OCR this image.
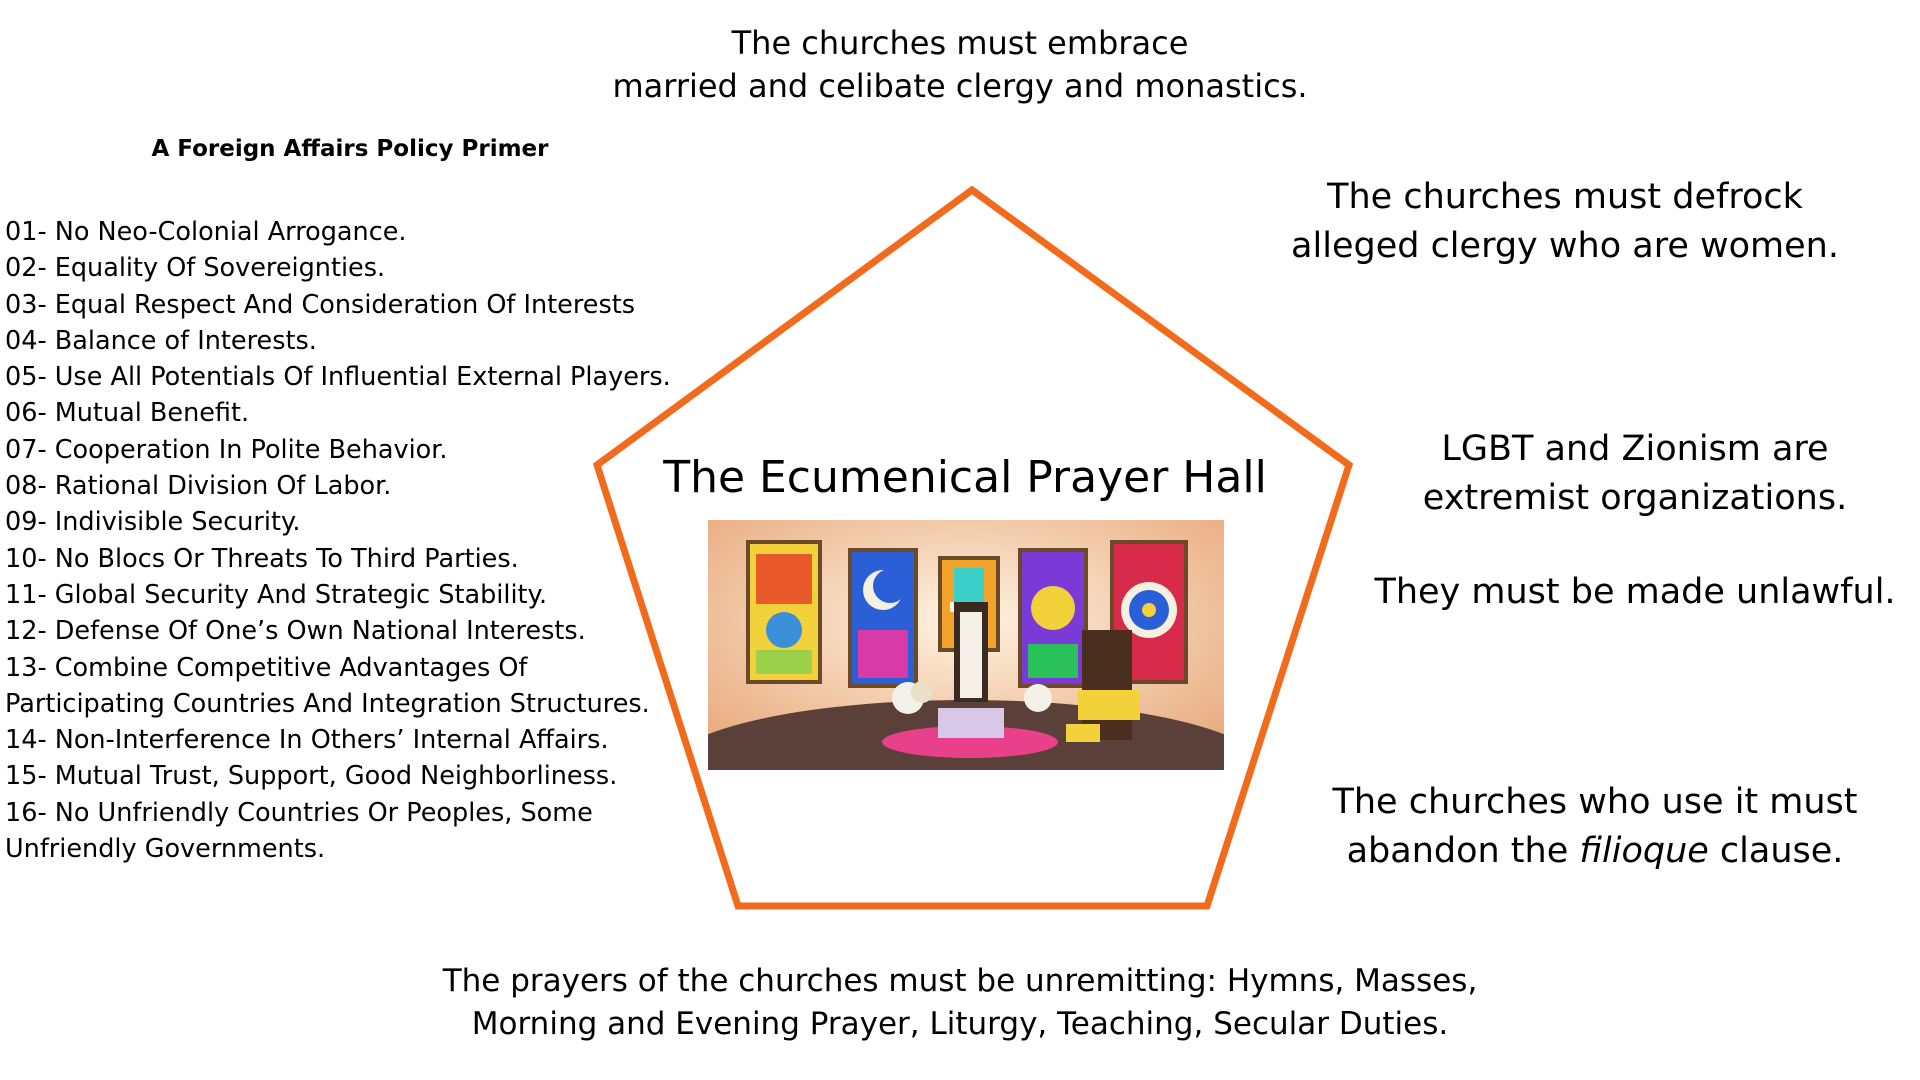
The churches must embrace
married and celibate clergy and monastics.
A Foreign Affairs Policy Primer
01- No Neo-Colonial Arrogance.
02- Equality Of Sovereignties.
03- Equal Respect And Consideration Of Interests
04- Balance of Interests.
05- Use All Potentials Of Influential External Players.
06- Mutual Benefit.
07- Cooperation In Polite Behavior.
08- Rational Division Of Labor.
09- Indivisible Security.
10- No Blocs Or Threats To Third Parties.
11- Global Security And Strategic Stability.
12- Defense Of One’s Own National Interests.
13- Combine Competitive Advantages Of
Participating Countries And Integration Structures.
14- Non-Interference In Others’ Internal Affairs.
15- Mutual Trust, Support, Good Neighborliness.
16- No Unfriendly Countries Or Peoples, Some
Unfriendly Governments.
The Ecumenical Prayer Hall
The churches must defrock
alleged clergy who are women.
LGBT and Zionism are
extremist organizations.
They must be made unlawful.
The churches who use it must
abandon the filioque clause.
The prayers of the churches must be unremitting: Hymns, Masses,
Morning and Evening Prayer, Liturgy, Teaching, Secular Duties.
